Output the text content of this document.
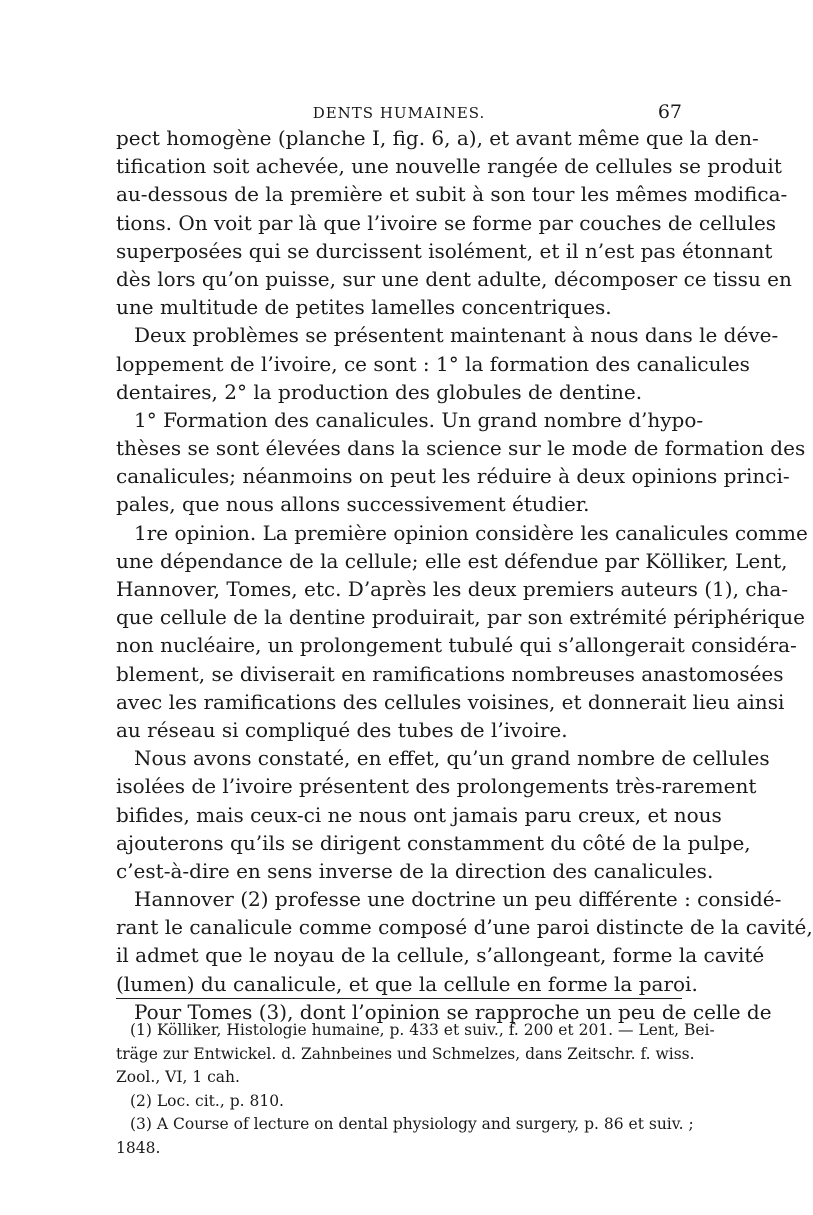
DENTS HUMAINES.	67
pect homogène (planche I, fig. 6, a), et avant même que la den-
tification soit achevée, une nouvelle rangée de cellules se produit
au-dessous de la première et subit à son tour les mêmes modifica-
tions. On voit par là que l’ivoire se forme par couches de cellules
superposées qui se durcissent isolément, et il n’est pas étonnant
dès lors qu’on puisse, sur une dent adulte, décomposer ce tissu en
une multitude de petites lamelles concentriques.
Deux problèmes se présentent maintenant à nous dans le déve-
loppement de l’ivoire, ce sont : 1° la formation des canalicules
dentaires, 2° la production des globules de dentine.
1° Formation des canalicules. Un grand nombre d’hypo-
thèses se sont élevées dans la science sur le mode de formation des
canalicules; néanmoins on peut les réduire à deux opinions princi-
pales, que nous allons successivement étudier.
1re opinion. La première opinion considère les canalicules comme
une dépendance de la cellule; elle est défendue par Kölliker, Lent,
Hannover, Tomes, etc. D’après les deux premiers auteurs (1), cha-
que cellule de la dentine produirait, par son extrémité périphérique
non nucléaire, un prolongement tubulé qui s’allongerait considéra-
blement, se diviserait en ramifications nombreuses anastomosées
avec les ramifications des cellules voisines, et donnerait lieu ainsi
au réseau si compliqué des tubes de l’ivoire.
Nous avons constaté, en effet, qu’un grand nombre de cellules
isolées de l’ivoire présentent des prolongements très-rarement
bifides, mais ceux-ci ne nous ont jamais paru creux, et nous
ajouterons qu’ils se dirigent constamment du côté de la pulpe,
c’est-à-dire en sens inverse de la direction des canalicules.
Hannover (2) professe une doctrine un peu différente : considé-
rant le canalicule comme composé d’une paroi distincte de la cavité,
il admet que le noyau de la cellule, s’allongeant, forme la cavité
(lumen) du canalicule, et que la cellule en forme la paroi.
Pour Tomes (3), dont l’opinion se rapproche un peu de celle de
(1) Kölliker, Histologie humaine, p. 433 et suiv., f. 200 et 201. — Lent, Bei-
träge zur Entwickel. d. Zahnbeines und Schmelzes, dans Zeitschr. f. wiss.
Zool., VI, 1 cah.
(2) Loc. cit., p. 810.
(3) A Course of lecture on dental physiology and surgery, p. 86 et suiv. ;
1848.
